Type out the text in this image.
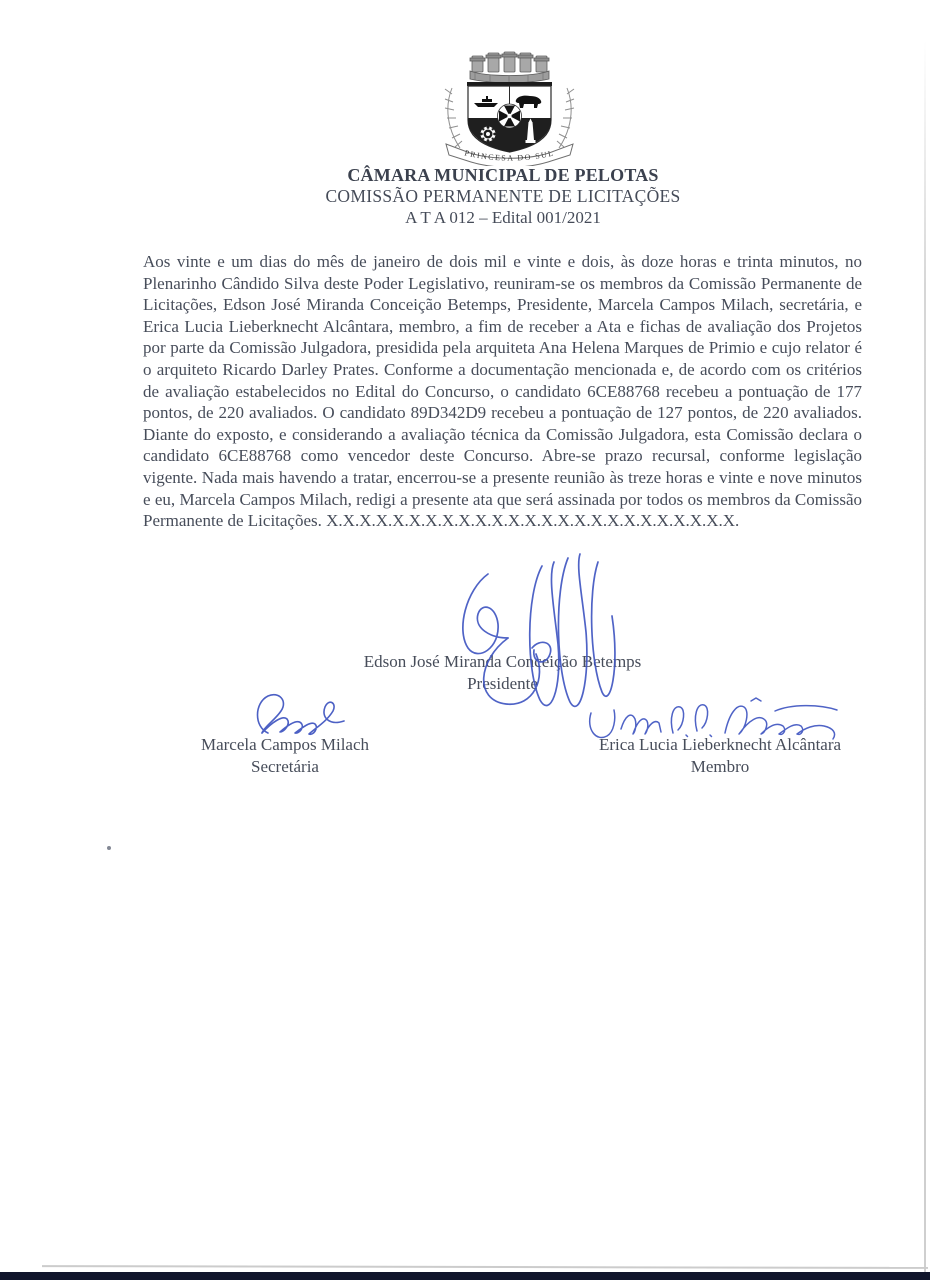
PRINCESA DO SUL
CÂMARA MUNICIPAL DE PELOTAS
COMISSÃO PERMANENTE DE LICITAÇÕES
A T A 012 – Edital 001/2021
Aos vinte e um dias do mês de janeiro de dois mil e vinte e dois, às doze horas e trinta minutos, no Plenarinho Cândido Silva deste Poder Legislativo, reuniram-se os membros da Comissão Permanente de Licitações, Edson José Miranda Conceição Betemps, Presidente, Marcela Campos Milach, secretária, e Erica Lucia Lieberknecht Alcântara, membro, a fim de receber a Ata e fichas de avaliação dos Projetos por parte da Comissão Julgadora, presidida pela arquiteta Ana Helena Marques de Primio e cujo relator é o arquiteto Ricardo Darley Prates. Conforme a documentação mencionada e, de acordo com os critérios de avaliação estabelecidos no Edital do Concurso, o candidato 6CE88768 recebeu a pontuação de 177 pontos, de 220 avaliados. O candidato 89D342D9 recebeu a pontuação de 127 pontos, de 220 avaliados. Diante do exposto, e considerando a avaliação técnica da Comissão Julgadora, esta Comissão declara o candidato 6CE88768 como vencedor deste Concurso. Abre-se prazo recursal, conforme legislação vigente. Nada mais havendo a tratar, encerrou-se a presente reunião às treze horas e vinte e nove minutos e eu, Marcela Campos Milach, redigi a presente ata que será assinada por todos os membros da Comissão Permanente de Licitações. X.X.X.X.X.X.X.X.X.X.X.X.X.X.X.X.X.X.X.X.X.X.X.X.X.
Edson José Miranda Conceição Betemps
Presidente
Marcela Campos Milach
Secretária
Erica Lucia Lieberknecht Alcântara
Membro
